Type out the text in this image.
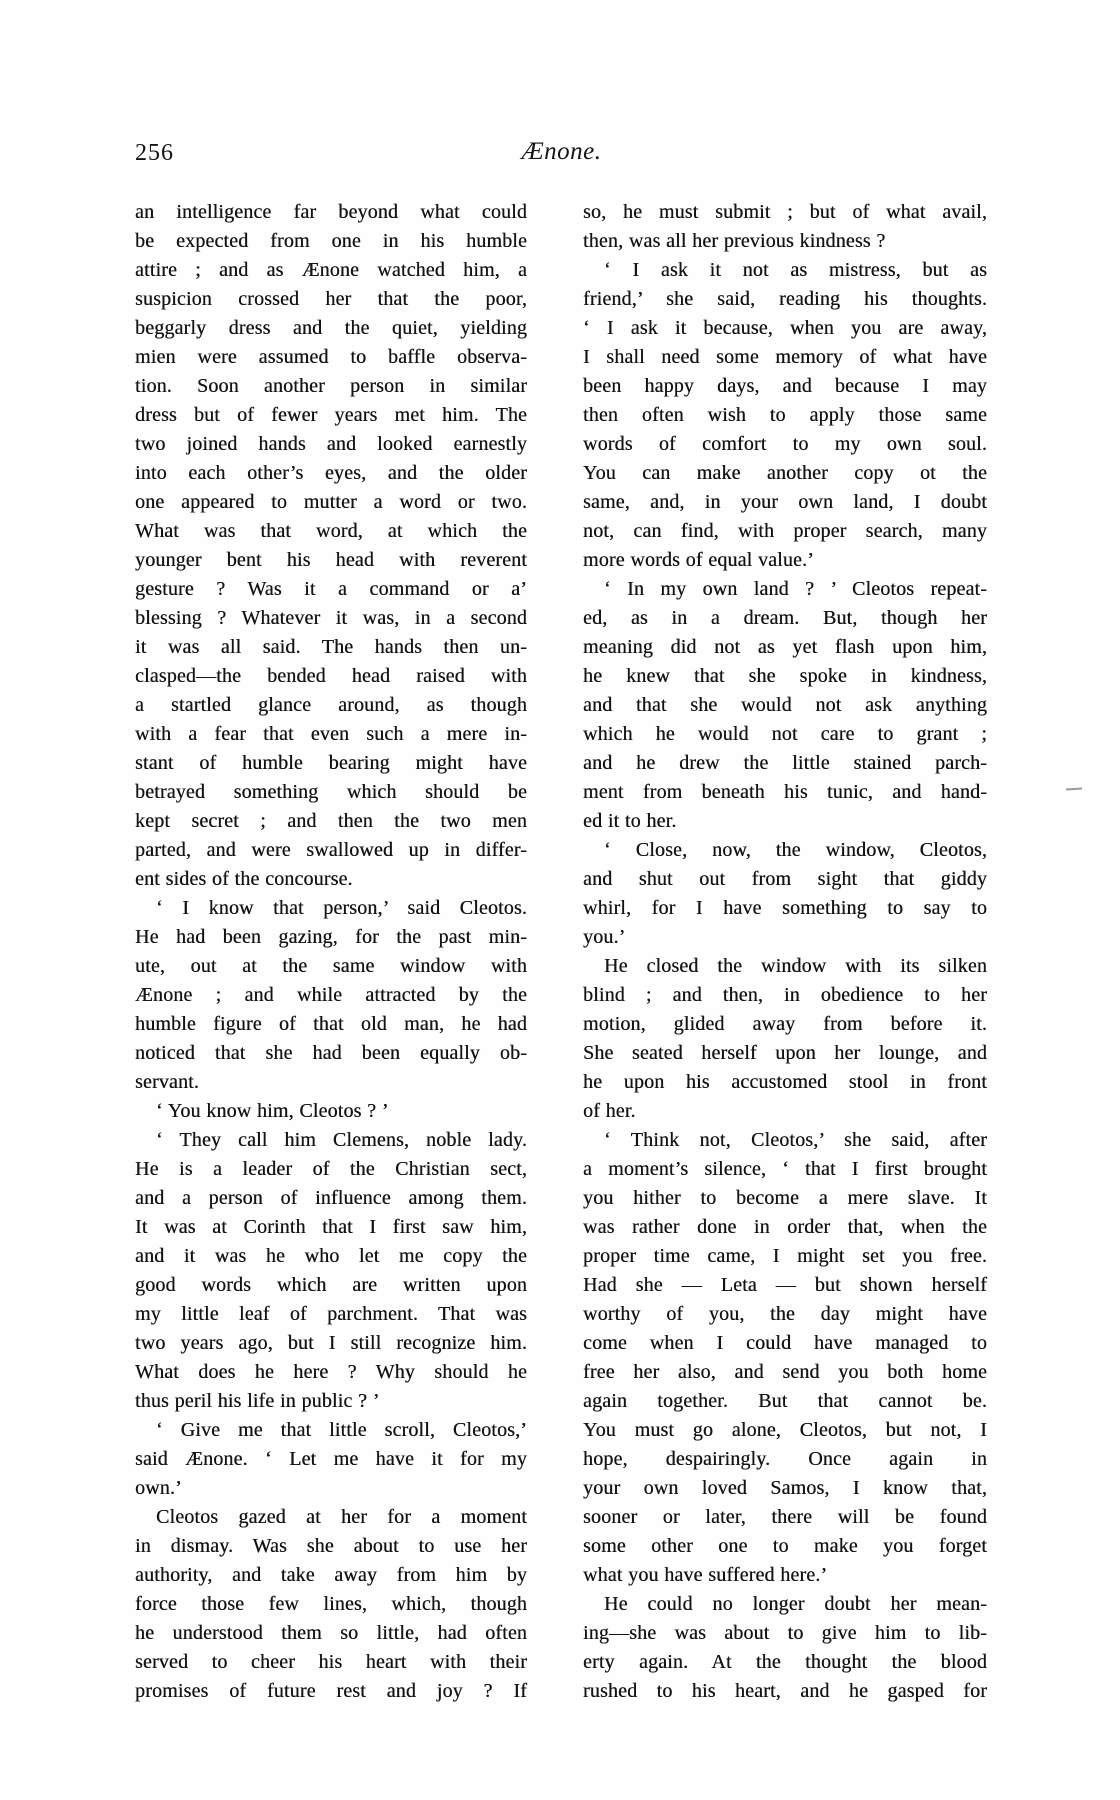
256	Ænone.
an intelligence far beyond what could
be expected from one in his humble
attire ; and as Ænone watched him, a
suspicion crossed her that the poor,
beggarly dress and the quiet, yielding
mien were assumed to baffle observa-
tion. Soon another person in similar
dress but of fewer years met him. The
two joined hands and looked earnestly
into each other’s eyes, and the older
one appeared to mutter a word or two.
What was that word, at which the
younger bent his head with reverent
gesture ? Was it a command or a’
blessing ? Whatever it was, in a second
it was all said. The hands then un-
clasped—the bended head raised with
a startled glance around, as though
with a fear that even such a mere in-
stant of humble bearing might have
betrayed something which should be
kept secret ; and then the two men
parted, and were swallowed up in differ-
ent sides of the concourse.
‘ I know that person,’ said Cleotos.
He had been gazing, for the past min-
ute, out at the same window with
Ænone ; and while attracted by the
humble figure of that old man, he had
noticed that she had been equally ob-
servant.
‘ You know him, Cleotos ? ’
‘ They call him Clemens, noble lady.
He is a leader of the Christian sect,
and a person of influence among them.
It was at Corinth that I first saw him,
and it was he who let me copy the
good words which are written upon
my little leaf of parchment. That was
two years ago, but I still recognize him.
What does he here ? Why should he
thus peril his life in public ? ’
‘ Give me that little scroll, Cleotos,’
said Ænone. ‘ Let me have it for my
own.’
Cleotos gazed at her for a moment
in dismay. Was she about to use her
authority, and take away from him by
force those few lines, which, though
he understood them so little, had often
served to cheer his heart with their
promises of future rest and joy ? If
so, he must submit ; but of what avail,
then, was all her previous kindness ?
‘ I ask it not as mistress, but as
friend,’ she said, reading his thoughts.
‘ I ask it because, when you are away,
I shall need some memory of what have
been happy days, and because I may
then often wish to apply those same
words of comfort to my own soul.
You can make another copy ot the
same, and, in your own land, I doubt
not, can find, with proper search, many
more words of equal value.’
‘ In my own land ? ’ Cleotos repeat-
ed, as in a dream. But, though her
meaning did not as yet flash upon him,
he knew that she spoke in kindness,
and that she would not ask anything
which he would not care to grant ;
and he drew the little stained parch-
ment from beneath his tunic, and hand-
ed it to her.
‘ Close, now, the window, Cleotos,
and shut out from sight that giddy
whirl, for I have something to say to
you.’
He closed the window with its silken
blind ; and then, in obedience to her
motion, glided away from before it.
She seated herself upon her lounge, and
he upon his accustomed stool in front
of her.
‘ Think not, Cleotos,’ she said, after
a moment’s silence, ‘ that I first brought
you hither to become a mere slave. It
was rather done in order that, when the
proper time came, I might set you free.
Had she — Leta — but shown herself
worthy of you, the day might have
come when I could have managed to
free her also, and send you both home
again together. But that cannot be.
You must go alone, Cleotos, but not, I
hope, despairingly. Once again in
your own loved Samos, I know that,
sooner or later, there will be found
some other one to make you forget
what you have suffered here.’
He could no longer doubt her mean-
ing—she was about to give him to lib-
erty again. At the thought the blood
rushed to his heart, and he gasped for
